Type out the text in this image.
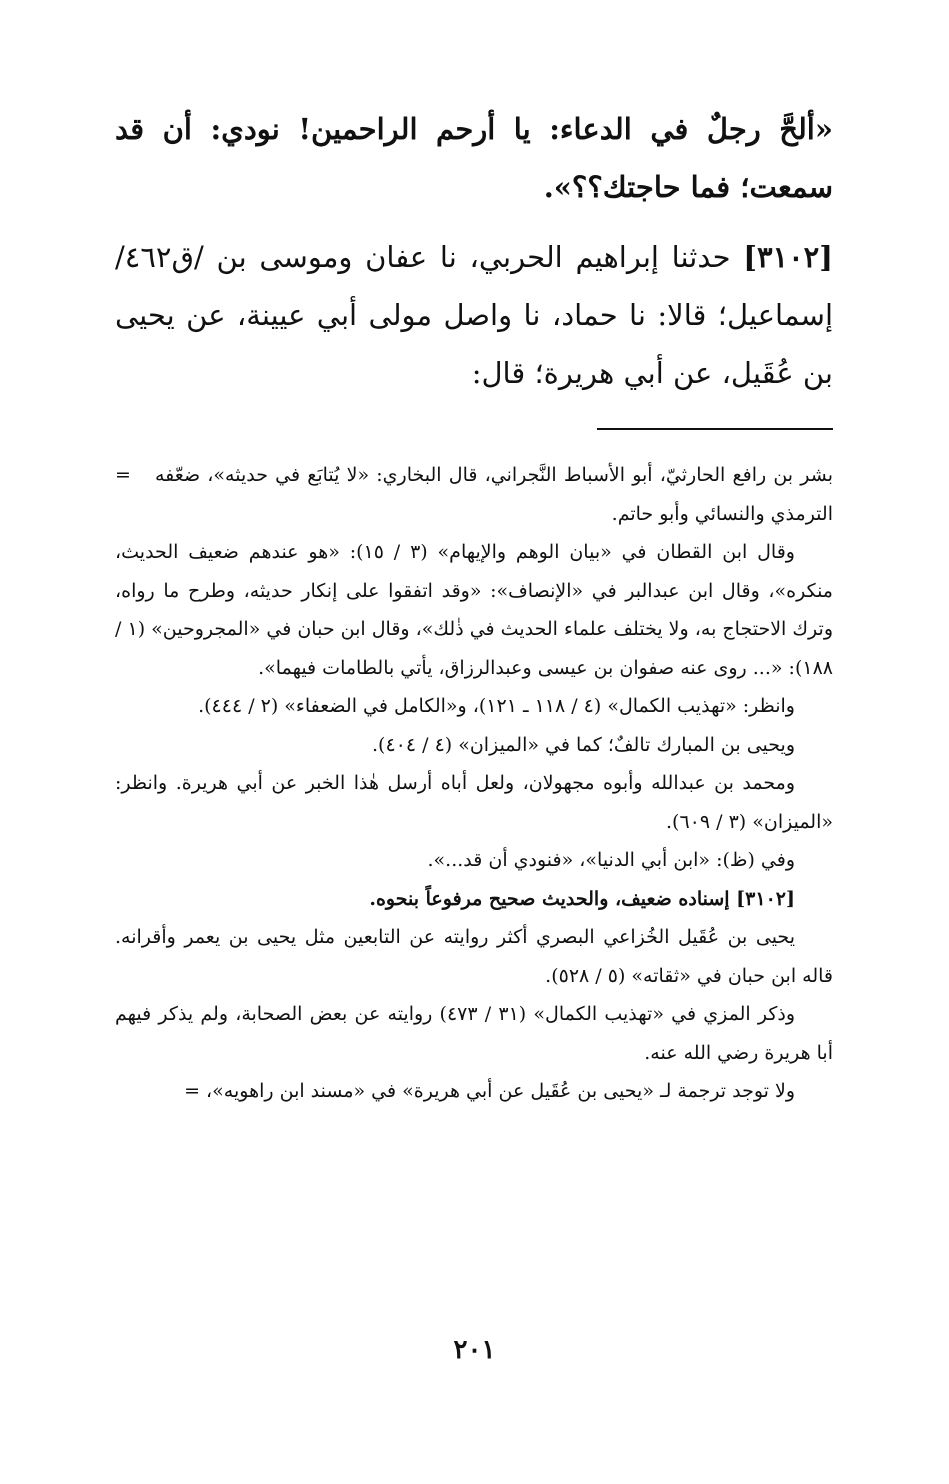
«ألحَّ رجلٌ في الدعاء: يا أرحم الراحمين! نودي: أن قد سمعت؛ فما حاجتك؟؟».

[٣١٠٢] حدثنا إبراهيم الحربي، نا عفان وموسى بن /ق٤٦٢/ إسماعيل؛ قالا: نا حماد، نا واصل مولى أبي عيينة، عن يحيى بن عُقَيل، عن أبي هريرة؛ قال:

= بشر بن رافع الحارثيّ، أبو الأسباط النَّجراني، قال البخاري: «لا يُتابَع في حديثه»، ضعّفه الترمذي والنسائي وأبو حاتم.

وقال ابن القطان في «بيان الوهم والإيهام» (٣ / ١٥): «هو عندهم ضعيف الحديث، منكره»، وقال ابن عبدالبر في «الإنصاف»: «وقد اتفقوا على إنكار حديثه، وطرح ما رواه، وترك الاحتجاج به، ولا يختلف علماء الحديث في ذٰلك»، وقال ابن حبان في «المجروحين» (١ / ١٨٨): «... روى عنه صفوان بن عيسى وعبدالرزاق، يأتي بالطامات فيهما».

وانظر: «تهذيب الكمال» (٤ / ١١٨ ـ ١٢١)، و«الكامل في الضعفاء» (٢ / ٤٤٤).

ويحيى بن المبارك تالفٌ؛ كما في «الميزان» (٤ / ٤٠٤).

ومحمد بن عبدالله وأبوه مجهولان، ولعل أباه أرسل هٰذا الخبر عن أبي هريرة. وانظر: «الميزان» (٣ / ٦٠٩).

وفي (ظ): «ابن أبي الدنيا»، «فنودي أن قد...».

[٣١٠٢] إسناده ضعيف، والحديث صحيح مرفوعاً بنحوه.

يحيى بن عُقَيل الخُزاعي البصري أكثر روايته عن التابعين مثل يحيى بن يعمر وأقرانه. قاله ابن حبان في «ثقاته» (٥ / ٥٢٨).

وذكر المزي في «تهذيب الكمال» (٣١ / ٤٧٣) روايته عن بعض الصحابة، ولم يذكر فيهم أبا هريرة رضي الله عنه.

ولا توجد ترجمة لـ «يحيى بن عُقَيل عن أبي هريرة» في «مسند ابن راهويه»، =

٢٠١
